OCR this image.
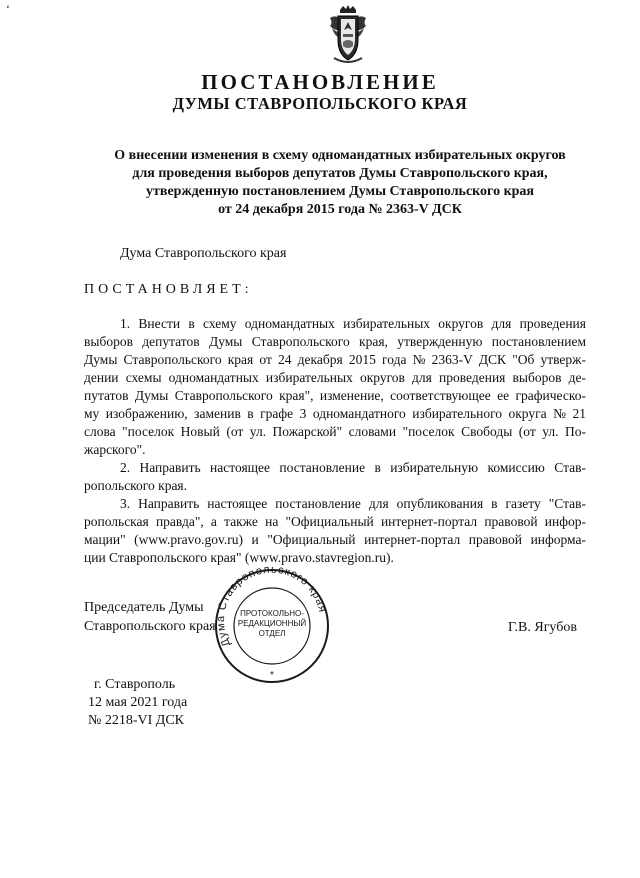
‘
ПОСТАНОВЛЕНИЕ
ДУМЫ СТАВРОПОЛЬСКОГО КРАЯ
О внесении изменения в схему одномандатных избирательных округов
для проведения выборов депутатов Думы Ставропольского края,
утвержденную постановлением Думы Ставропольского края
от 24 декабря 2015 года № 2363-V ДСК
Дума Ставропольского края
ПОСТАНОВЛЯЕТ:
1. Внести в схему одномандатных избирательных округов для проведения
выборов депутатов Думы Ставропольского края, утвержденную постановлением
Думы Ставропольского края от 24 декабря 2015 года № 2363-V ДСК "Об утверж-
дении схемы одномандатных избирательных округов для проведения выборов де-
путатов Думы Ставропольского края", изменение, соответствующее ее графическо-
му изображению, заменив в графе 3 одномандатного избирательного округа № 21
слова "поселок Новый (от ул. Пожарской" словами "поселок Свободы (от ул. По-
жарского".
2. Направить настоящее постановление в избирательную комиссию Став-
ропольского края.
3. Направить настоящее постановление для опубликования в газету "Став-
ропольская правда", а также на "Официальный интернет-портал правовой инфор-
мации" (www.pravo.gov.ru) и "Официальный интернет-портал правовой информа-
ции Ставропольского края" (www.pravo.stavregion.ru).
Председатель Думы
Ставропольского края	Г.В. Ягубов
Дума Ставропольского края
ПРОТОКОЛЬНО-
РЕДАКЦИОННЫЙ
ОТДЕЛ
*
г. Ставрополь
12 мая 2021 года
№ 2218-VI ДСК
